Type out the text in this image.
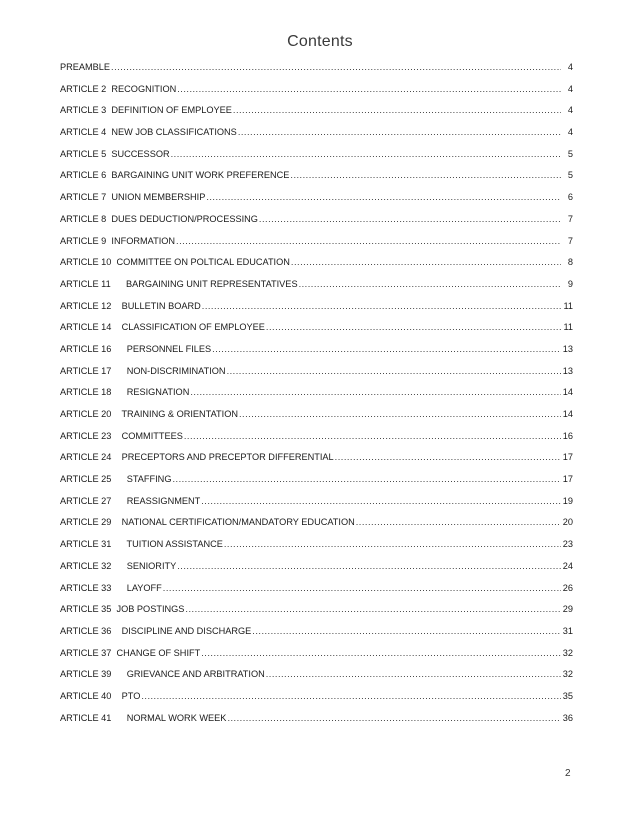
Contents
PREAMBLE .....	4
ARTICLE 2  RECOGNITION .....	4
ARTICLE 3  DEFINITION OF EMPLOYEE .....	4
ARTICLE 4  NEW JOB CLASSIFICATIONS .....	4
ARTICLE 5  SUCCESSOR .....	5
ARTICLE 6  BARGAINING UNIT WORK PREFERENCE .....	5
ARTICLE 7  UNION MEMBERSHIP .....	6
ARTICLE 8  DUES DEDUCTION/PROCESSING .....	7
ARTICLE 9  INFORMATION .....	7
ARTICLE 10  COMMITTEE ON POLTICAL EDUCATION .....	8
ARTICLE 11      BARGAINING UNIT REPRESENTATIVES .....	9
ARTICLE 12    BULLETIN BOARD .....	11
ARTICLE 14    CLASSIFICATION OF EMPLOYEE .....	11
ARTICLE 16      PERSONNEL FILES .....	13
ARTICLE 17      NON-DISCRIMINATION .....	13
ARTICLE 18      RESIGNATION .....	14
ARTICLE 20    TRAINING & ORIENTATION .....	14
ARTICLE 23    COMMITTEES .....	16
ARTICLE 24    PRECEPTORS AND PRECEPTOR DIFFERENTIAL .....	17
ARTICLE 25      STAFFING .....	17
ARTICLE 27      REASSIGNMENT .....	19
ARTICLE 29    NATIONAL CERTIFICATION/MANDATORY EDUCATION .....	20
ARTICLE 31      TUITION ASSISTANCE .....	23
ARTICLE 32      SENIORITY .....	24
ARTICLE 33      LAYOFF .....	26
ARTICLE 35  JOB POSTINGS .....	29
ARTICLE 36    DISCIPLINE AND DISCHARGE .....	31
ARTICLE 37  CHANGE OF SHIFT .....	32
ARTICLE 39      GRIEVANCE AND ARBITRATION .....	32
ARTICLE 40    PTO .....	35
ARTICLE 41      NORMAL WORK WEEK .....	36
2
